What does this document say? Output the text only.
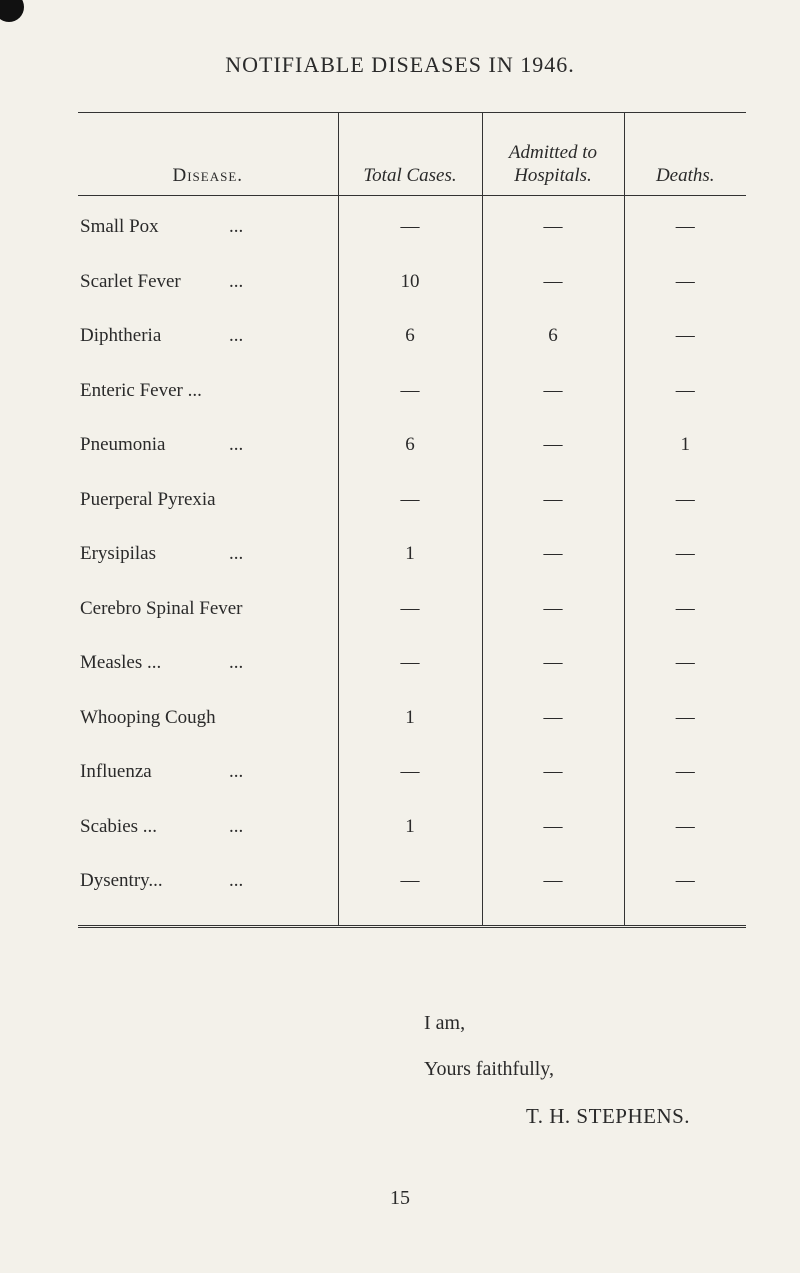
NOTIFIABLE DISEASES IN 1946.
Disease.	Total Cases.	Admitted to Hospitals.	Deaths.
Small Pox ...	—	—	—
Scarlet Fever ...	10	—	—
Diphtheria ...	6	6	—
Enteric Fever ...	—	—	—
Pneumonia ...	6	—	1
Puerperal Pyrexia	—	—	—
Erysipilas ...	1	—	—
Cerebro Spinal Fever	—	—	—
Measles ... ...	—	—	—
Whooping Cough	1	—	—
Influenza ...	—	—	—
Scabies ... ...	1	—	—
Dysentry... ...	—	—	—
I am,
Yours faithfully,
T. H. STEPHENS.
15
